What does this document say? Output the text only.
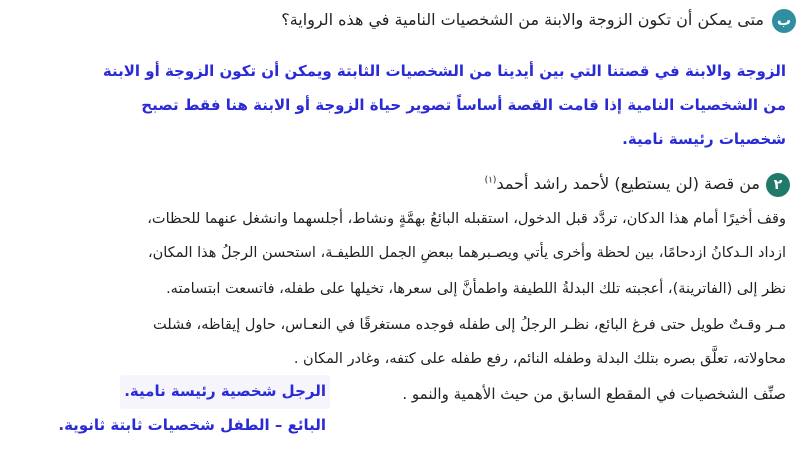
ب
متى يمكن أن تكون الزوجة والابنة من الشخصيات النامية في هذه الرواية؟
الزوجة والابنة في قصتنا التي بين أيدينا من الشخصيات الثابتة ويمكن أن تكون الزوجة أو الابنة
من الشخصيات النامية إذا قامت القصة أساساً تصوير حياة الزوجة أو الابنة هنا فقط تصبح
شخصيات رئيسة نامية.
٢
من قصة (لن يستطيع) لأحمد راشد أحمد$^{(١)}$
وقف أخيرًا أمام هذا الدكان، تردَّد قبل الدخول، استقبله البائعُ بهمَّةٍ ونشاط، أجلسهما وانشغل عنهما للحظات،
ازداد الـدكانُ ازدحامًا، بين لحظة وأخرى يأتي ويصـبرهما ببعضِ الجمل اللطيفـة، استحسن الرجلُ هذا المكان،
نظر إلى (الفاترينة)، أعجبته تلك البدلةُ اللطيفة واطمأنَّ إلى سعرها، تخيلها على طفله، فاتسعت ابتسامته.
مـر وقـتٌ طويل حتى فرغ البائع، نظـر الرجلُ إلى طفله فوجده مستغرقًا في النعـاس، حاول إيقاظه، فشلت
محاولاته، تعلَّق بصره بتلك البدلة وطفله النائم، رفع طفله على كتفه، وغادر المكان .
صنِّف الشخصيات في المقطع السابق من حيث الأهمية والنمو .
الرجل شخصية رئيسة نامية.
البائع – الطفل شخصيات ثابتة ثانوية.
